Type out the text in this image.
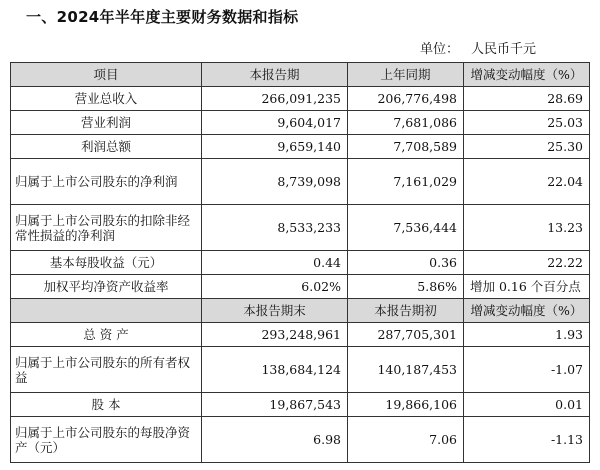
一、2024年半年度主要财务数据和指标
单位： 人民币千元
项目	本报告期	上年同期	增减变动幅度（%）
营业总收入	266,091,235	206,776,498	28.69
营业利润	9,604,017	7,681,086	25.03
利润总额	9,659,140	7,708,589	25.30
归属于上市公司股东的净利润	8,739,098	7,161,029	22.04
归属于上市公司股东的扣除非经常性损益的净利润	8,533,233	7,536,444	13.23
基本每股收益（元）	0.44	0.36	22.22
加权平均净资产收益率	6.02%	5.86%	增加 0.16 个百分点
	本报告期末	本报告期初	增减变动幅度（%）
总 资 产	293,248,961	287,705,301	1.93
归属于上市公司股东的所有者权益	138,684,124	140,187,453	-1.07
股 本	19,867,543	19,866,106	0.01
归属于上市公司股东的每股净资产（元）	6.98	7.06	-1.13
